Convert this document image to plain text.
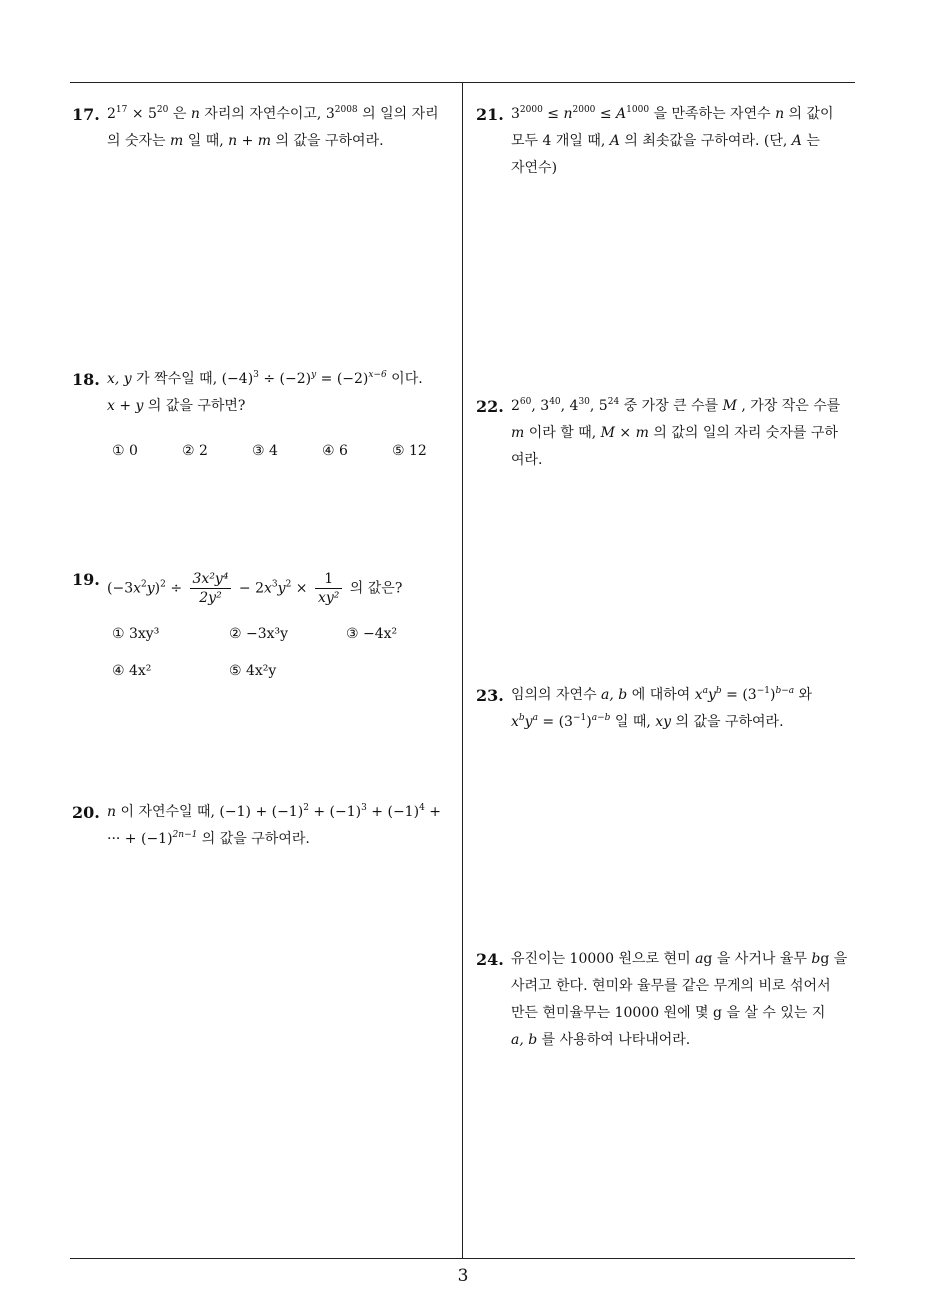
17. $2^{17} \times 5^{20}$ 은 n 자리의 자연수이고, $3^{2008}$ 의 일의 자리
의 숫자는 m 일 때, n + m 의 값을 구하여라.
18. x, y 가 짝수일 때, $(-4)^3 \div (-2)^y = (-2)^{x-6}$ 이다.
x + y 의 값을 구하면?
① 0	② 2	③ 4	④ 6	⑤ 12
19. $(-3x^2y)^2 \div \frac{\text{3x²y⁴}}{\text{2y²}} - 2x^3y^2 \times \frac{1}{\text{xy²}}$ 의 값은?
① 3xy³	② −3x³y	③ −4x²
④ 4x²	⑤ 4x²y
20. n 이 자연수일 때, $(-1) + (-1)^2 + (-1)^3 + (-1)^4$ +
··· + $(-1)^{2n-1}$ 의 값을 구하여라.
21. $3^{2000} \le n^{2000} \le A^{1000}$ 을 만족하는 자연수 n 의 값이
모두 4 개일 때, A 의 최솟값을 구하여라. (단, A 는
자연수)
22. $2^{60}$, $3^{40}$, $4^{30}$, $5^{24}$ 중 가장 큰 수를 M , 가장 작은 수를
m 이라 할 때, M × m 의 값의 일의 자리 숫자를 구하
여라.
23. 임의의 자연수 a, b 에 대하여 $x^ay^b = (3^{-1})^{b-a}$ 와
$x^by^a = (3^{-1})^{a-b}$ 일 때, xy 의 값을 구하여라.
24. 유진이는 10000 원으로 현미 ag 을 사거나 율무 bg 을
사려고 한다. 현미와 율무를 같은 무게의 비로 섞어서
만든 현미율무는 10000 원에 몇 g 을 살 수 있는 지
a, b 를 사용하여 나타내어라.
3
